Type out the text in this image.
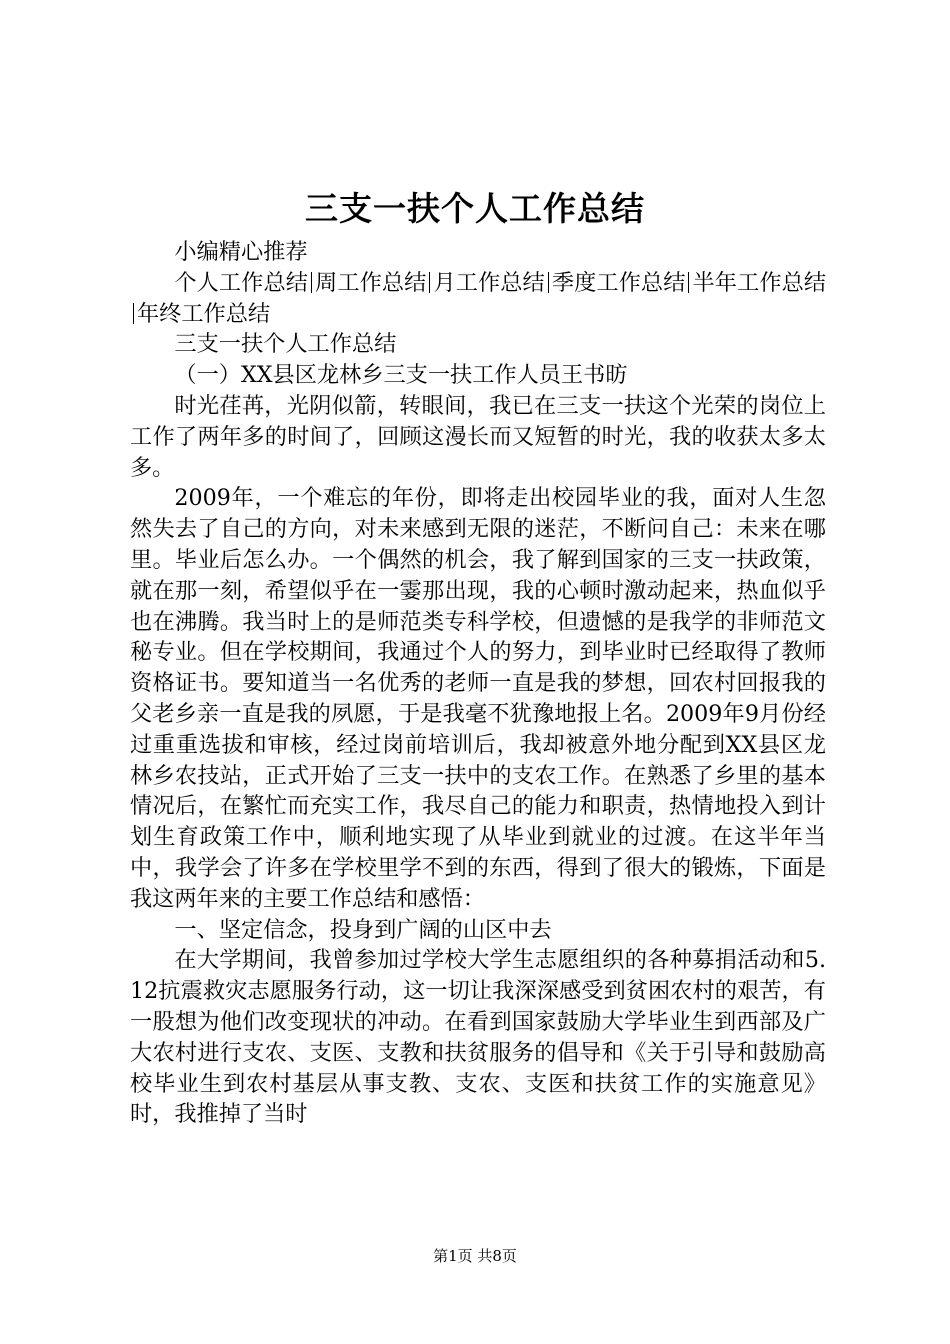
三支一扶个人工作总结

小编精心推荐

个人工作总结 周工作总结 月工作总结 季度工作总结 半年工作总结年终工作总结

三支一扶个人工作总结

（一）XX县区龙林乡三支一扶工作人员王书昉

时光荏苒，光阴似箭，转眼间，我已在三支一扶这个光荣的岗位上工作了两年多的时间了，回顾这漫长而又短暂的时光，我的收获太多太多。

2009年，一个难忘的年份，即将走出校园毕业的我，面对人生忽然失去了自己的方向，对未来感到无限的迷茫，不断问自己：未来在哪里。毕业后怎么办。一个偶然的机会，我了解到国家的三支一扶政策，就在那一刻，希望似乎在一霎那出现，我的心顿时激动起来，热血似乎也在沸腾。我当时上的是师范类专科学校，但遗憾的是我学的非师范文秘专业。但在学校期间，我通过个人的努力，到毕业时已经取得了教师资格证书。要知道当一名优秀的老师一直是我的梦想，回农村回报我的父老乡亲一直是我的夙愿，于是我毫不犹豫地报上名。2009年9月份经过重重选拔和审核，经过岗前培训后，我却被意外地分配到XX县区龙林乡农技站，正式开始了三支一扶中的支农工作。在熟悉了乡里的基本情况后，在繁忙而充实工作，我尽自己的能力和职责，热情地投入到计划生育政策工作中，顺利地实现了从毕业到就业的过渡。在这半年当中，我学会了许多在学校里学不到的东西，得到了很大的锻炼，下面是我这两年来的主要工作总结和感悟：

一、坚定信念，投身到广阔的山区中去

在大学期间，我曾参加过学校大学生志愿组织的各种募捐活动和5.12抗震救灾志愿服务行动，这一切让我深深感受到贫困农村的艰苦，有一股想为他们改变现状的冲动。在看到国家鼓励大学毕业生到西部及广大农村进行支农、支医、支教和扶贫服务的倡导和《关于引导和鼓励高校毕业生到农村基层从事支教、支农、支医和扶贫工作的实施意见》时，我推掉了当时

第1页 共8页
